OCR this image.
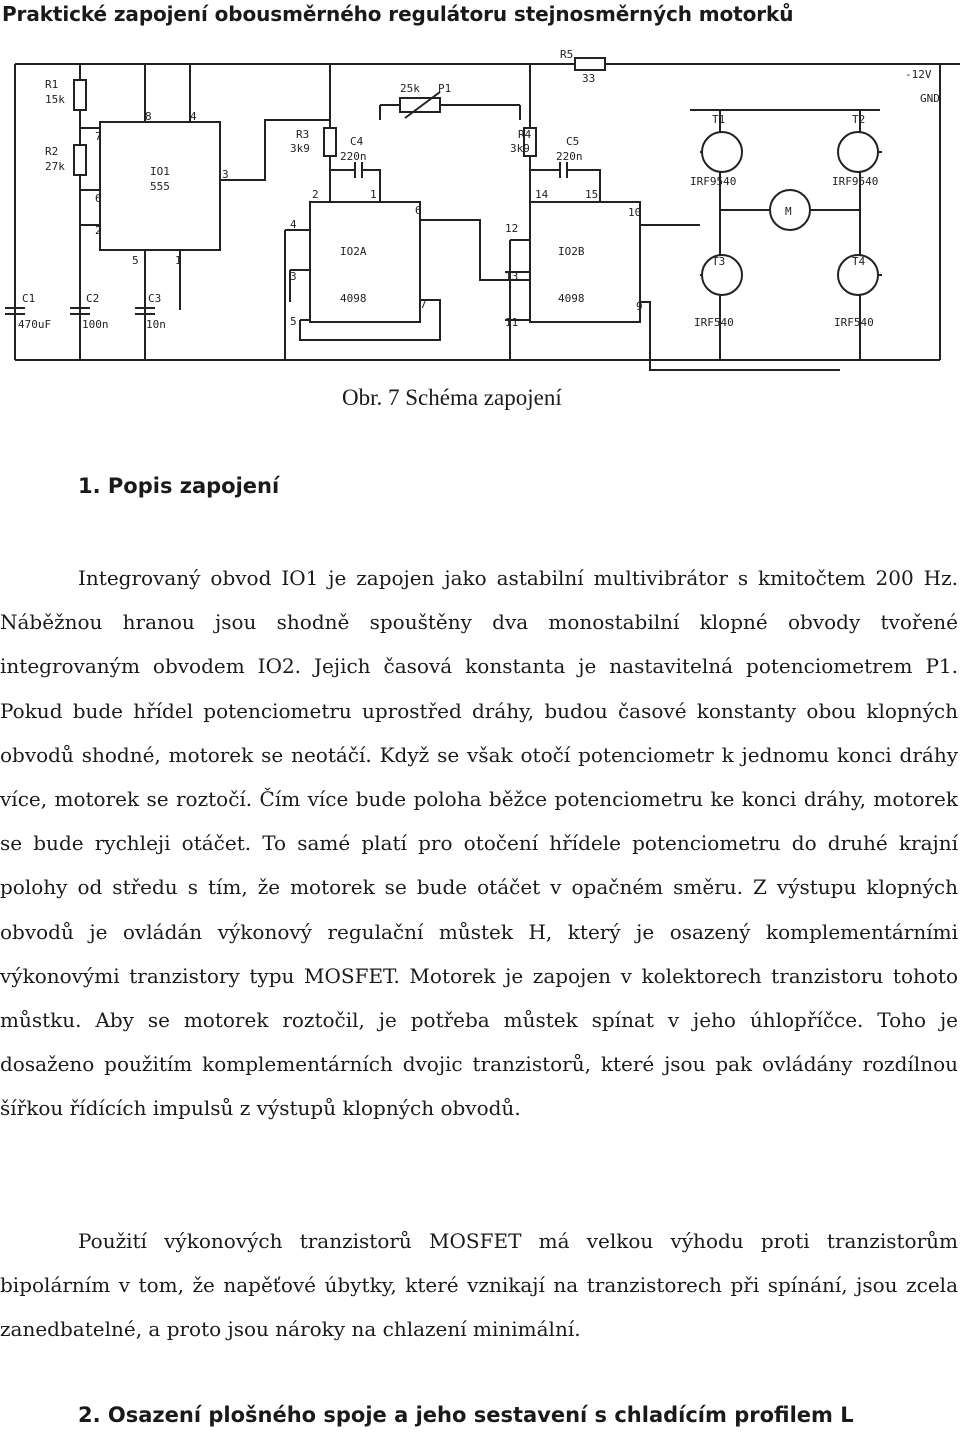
Praktické zapojení obousměrného regulátoru stejnosměrných motorků
R1
15k
R2
27k	IO1
555
C1
470uF
C2
100n
C3
10n
R3
3k9
C4
220n
25k P1
R4
3k9
C5
220n
R5
33
IO2A
4098
IO2B
4098
T1
IRF9540
T2
IRF9540
T3
IRF540
T4
IRF540
M
-12V
GND
7
8	4
3
6
2
5	1
2	1
4
3
5
6
7
14	15
12
13
11
10
9
Obr. 7 Schéma zapojení
1. Popis zapojení
Integrovaný obvod IO1 je zapojen jako astabilní multivibrátor s kmitočtem 200 Hz. Náběžnou hranou jsou shodně spouštěny dva monostabilní klopné obvody tvořené integrovaným obvodem IO2. Jejich časová konstanta je nastavitelná potenciometrem P1. Pokud bude hřídel potenciometru uprostřed dráhy, budou časové konstanty obou klopných obvodů shodné, motorek se neotáčí. Když se však otočí potenciometr k jednomu konci dráhy více, motorek se roztočí. Čím více bude poloha běžce potenciometru ke konci dráhy, motorek se bude rychleji otáčet. To samé platí pro otočení hřídele potenciometru do druhé krajní polohy od středu s tím, že motorek se bude otáčet v opačném směru. Z výstupu klopných obvodů je ovládán výkonový regulační můstek H, který je osazený komplementárními výkonovými tranzistory typu MOSFET. Motorek je zapojen v kolektorech tranzistoru tohoto můstku. Aby se motorek roztočil, je potřeba můstek spínat v jeho úhlopříčce. Toho je dosaženo použitím komplementárních dvojic tranzistorů, které jsou pak ovládány rozdílnou šířkou řídících impulsů z výstupů klopných obvodů.
Použití výkonových tranzistorů MOSFET má velkou výhodu proti tranzistorům bipolárním v tom, že napěťové úbytky, které vznikají na tranzistorech při spínání, jsou zcela zanedbatelné, a proto jsou nároky na chlazení minimální.
2. Osazení plošného spoje a jeho sestavení s chladícím profilem L
